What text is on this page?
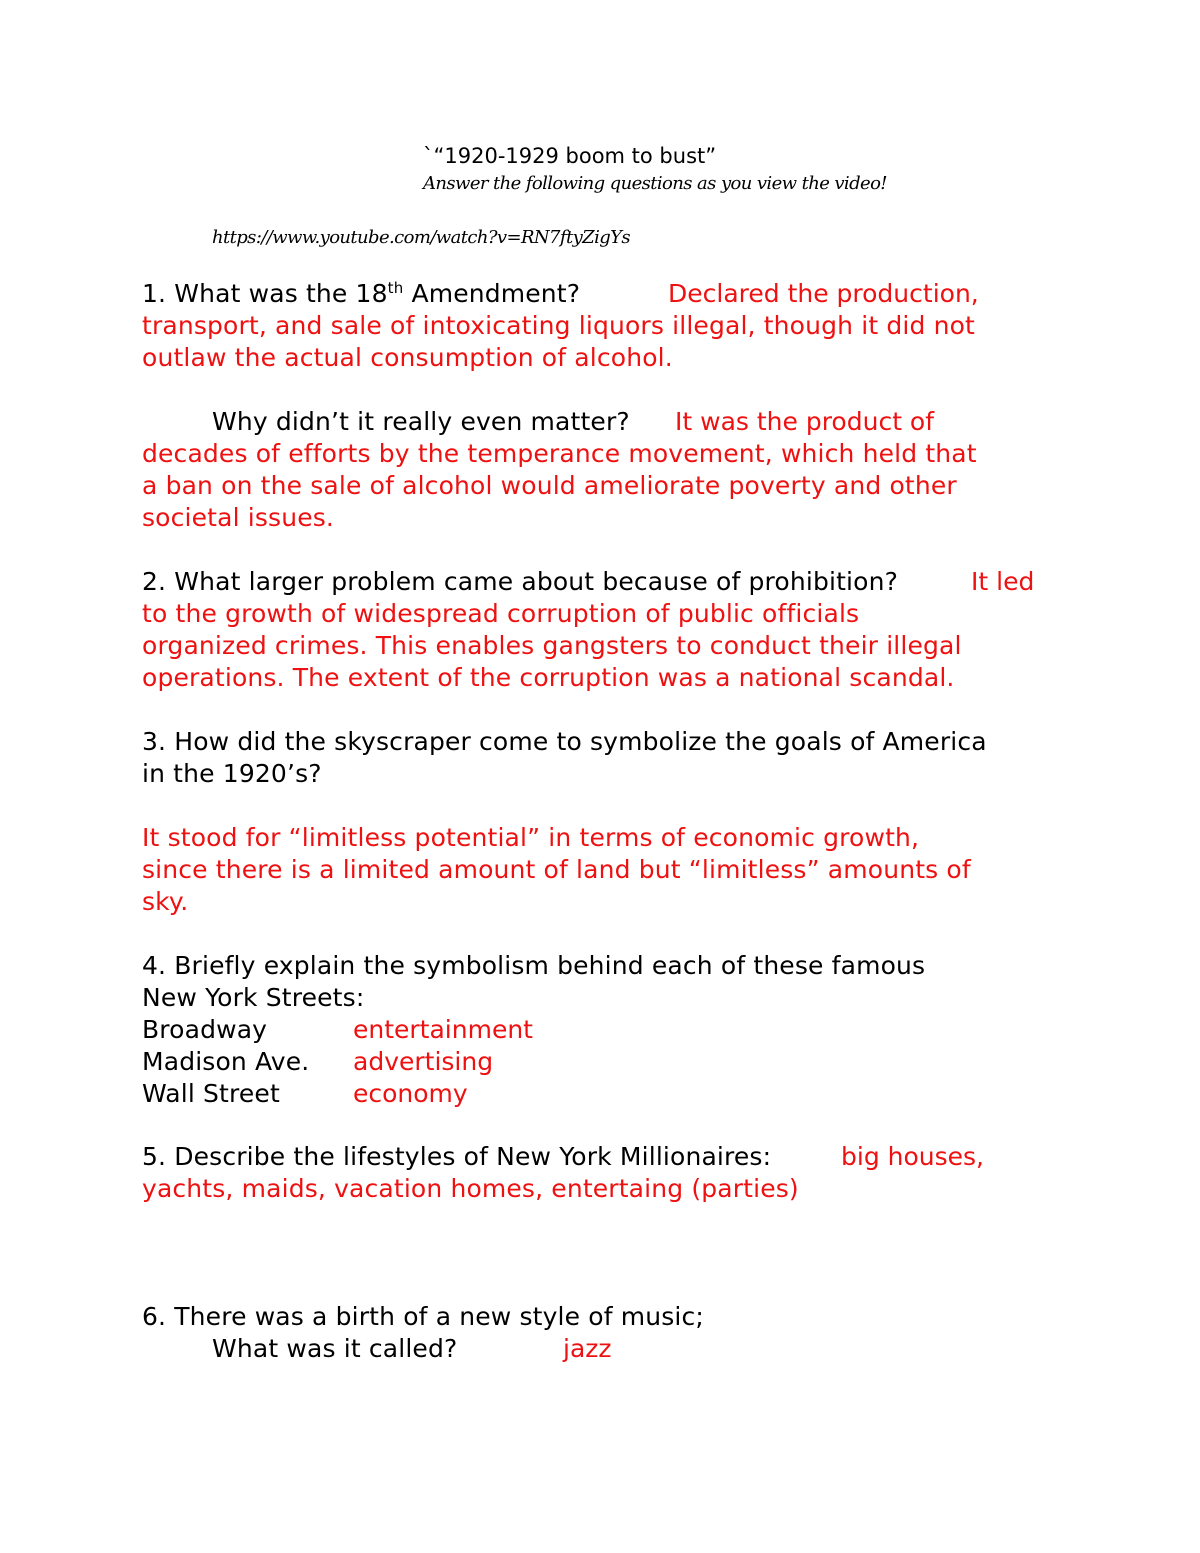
`“1920-1929 boom to bust”
Answer the following questions as you view the video!
https://www.youtube.com/watch?v=RN7ftyZigYs
1. What was the 18th Amendment?	Declared the production,
transport, and sale of intoxicating liquors illegal, though it did not
outlaw the actual consumption of alcohol.
Why didn’t it really even matter? It was the product of
decades of efforts by the temperance movement, which held that
a ban on the sale of alcohol would ameliorate poverty and other
societal issues.
2. What larger problem came about because of prohibition?	It led
to the growth of widespread corruption of public officials
organized crimes. This enables gangsters to conduct their illegal
operations. The extent of the corruption was a national scandal.
3. How did the skyscraper come to symbolize the goals of America
in the 1920’s?
It stood for “limitless potential” in terms of economic growth,
since there is a limited amount of land but “limitless” amounts of
sky.
4. Briefly explain the symbolism behind each of these famous
New York Streets:
Broadway	entertainment
Madison Ave. advertising
Wall Street	economy
5. Describe the lifestyles of New York Millionaires:	big houses,
yachts, maids, vacation homes, entertaing (parties)
6. There was a birth of a new style of music;
What was it called?	jazz
